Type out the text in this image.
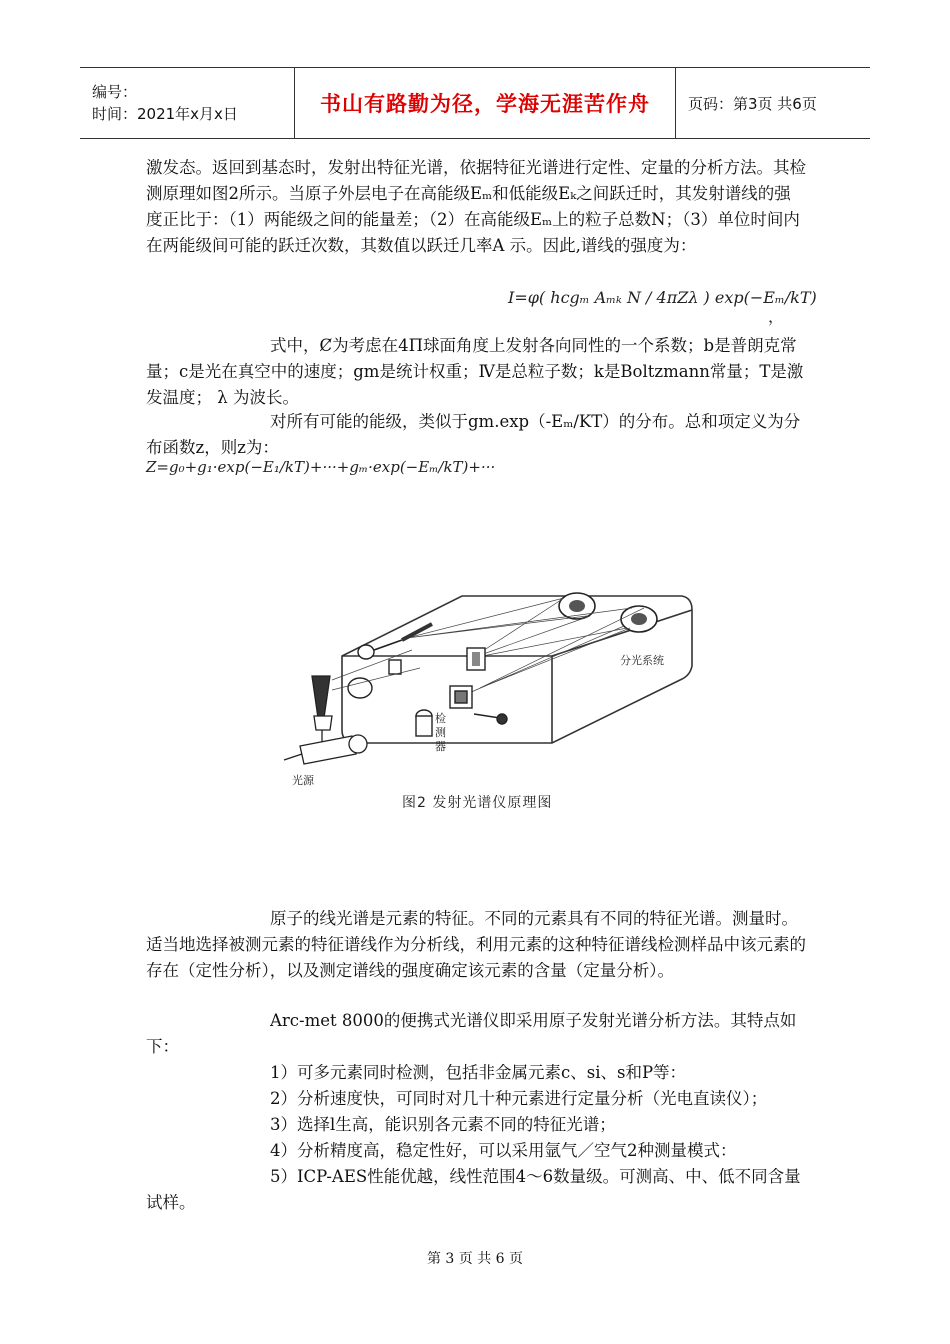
编号：
时间：2021年x月x日	书山有路勤为径，学海无涯苦作舟	页码：第3页 共6页

激发态。返回到基态时，发射出特征光谱，依据特征光谱进行定性、定量的分析方法。其检测原理如图2所示。当原子外层电子在高能级Eₘ和低能级Eₖ之间跃迁时，其发射谱线的强度正比于：（1）两能级之间的能量差；（2）在高能级Eₘ上的粒子总数N；（3）单位时间内在两能级间可能的跃迁次数，其数值以跃迁几率A 示。因此,谱线的强度为：

I=φ( hcgₘ Aₘₖ N / 4πZλ ) exp(−Eₘ/kT)
，

式中，Ȼ为考虑在4Π球面角度上发射各向同性的一个系数；b是普朗克常量；c是光在真空中的速度；gm是统计权重；Ⅳ是总粒子数；k是Boltzmann常量；T是激发温度； λ 为波长。

对所有可能的能级，类似于gm.exp（-Eₘ/KT）的分布。总和项定义为分布函数z，则z为：

Z=g₀+g₁·exp(−E₁/kT)+···+gₘ·exp(−Eₘ/kT)+···
分光系统
检
测
器
光源
图2 发射光谱仪原理图

原子的线光谱是元素的特征。不同的元素具有不同的特征光谱。测量时。适当地选择被测元素的特征谱线作为分析线，利用元素的这种特征谱线检测样品中该元素的存在（定性分析），以及测定谱线的强度确定该元素的含量（定量分析）。

Arc-met 8000的便携式光谱仪即采用原子发射光谱分析方法。其特点如下：

1）可多元素同时检测，包括非金属元素c、si、s和P等：

2）分析速度快，可同时对几十种元素进行定量分析（光电直读仪）；

3）选择l生高，能识别各元素不同的特征光谱；

4）分析精度高，稳定性好，可以采用氩气／空气2种测量模式：

5）ICP-AES性能优越，线性范围4～6数量级。可测高、中、低不同含量试样。

第 3 页 共 6 页
